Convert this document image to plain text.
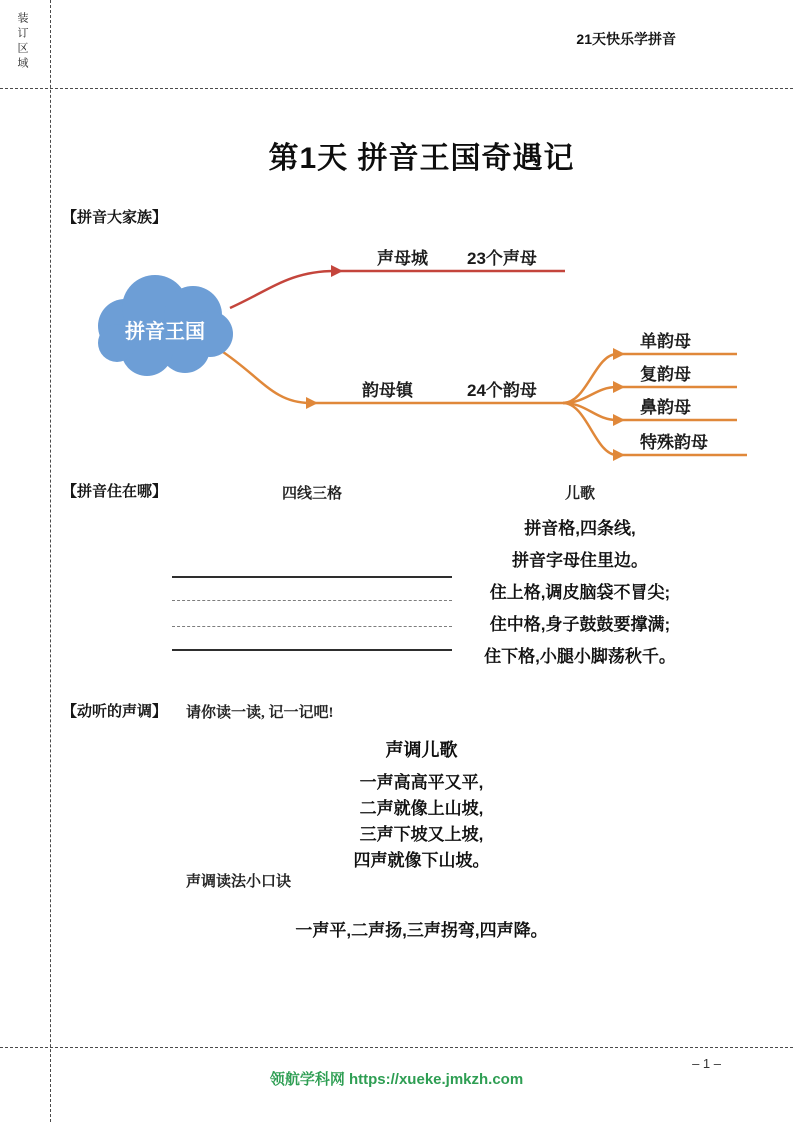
装订区域	21天快乐学拼音
第1天 拼音王国奇遇记
【拼音大家族】
拼音王国
声母城 23个声母
韵母镇	24个韵母
单韵母
复韵母
鼻韵母
特殊韵母
【拼音住在哪】	四线三格	儿歌
拼音格,四条线,
拼音字母住里边。
住上格,调皮脑袋不冒尖;
住中格,身子鼓鼓要撑满;
住下格,小腿小脚荡秋千。
【动听的声调】 请你读一读, 记一记吧!
声调儿歌
一声高高平又平,
二声就像上山坡,
三声下坡又上坡,
四声就像下山坡。
声调读法小口诀
一声平,二声扬,三声拐弯,四声降。
– 1 –
领航学科网 https://xueke.jmkzh.com
